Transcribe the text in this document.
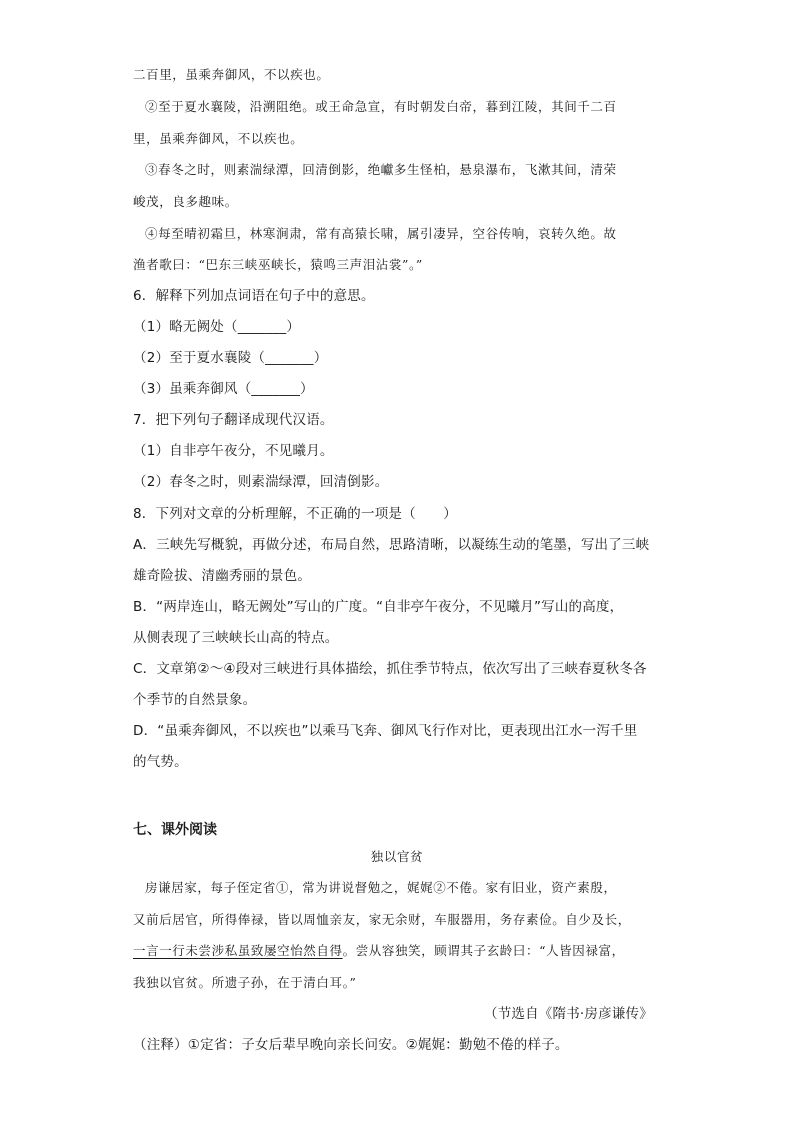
二百里，虽乘奔御风，不以疾也。
②至于夏水襄陵，沿溯阻绝。或王命急宣，有时朝发白帝，暮到江陵，其间千二百
里，虽乘奔御风，不以疾也。
③春冬之时，则素湍绿潭，回清倒影，绝巘多生怪柏，悬泉瀑布，飞漱其间，清荣
峻茂，良多趣味。
④每至晴初霜旦，林寒涧肃，常有高猿长啸，属引凄异，空谷传响，哀转久绝。故
渔者歌曰：“巴东三峡巫峡长，猿鸣三声泪沾裳”。”
6．解释下列加点词语在句子中的意思。
（1）略无阙处（_______）
（2）至于夏水襄陵（_______）
（3）虽乘奔御风（_______）
7．把下列句子翻译成现代汉语。
（1）自非亭午夜分，不见曦月。
（2）春冬之时，则素湍绿潭，回清倒影。
8．下列对文章的分析理解，不正确的一项是（　　）
A．三峡先写概貌，再做分述，布局自然，思路清晰，以凝练生动的笔墨，写出了三峡
雄奇险拔、清幽秀丽的景色。
B．“两岸连山，略无阙处”写山的广度。“自非亭午夜分，不见曦月”写山的高度，
从侧表现了三峡峡长山高的特点。
C．文章第②～④段对三峡进行具体描绘，抓住季节特点，依次写出了三峡春夏秋冬各
个季节的自然景象。
D．“虽乘奔御风，不以疾也”以乘马飞奔、御风飞行作对比，更表现出江水一泻千里
的气势。
七、课外阅读
独以官贫
房谦居家，每子侄定省①，常为讲说督勉之，娓娓②不倦。家有旧业，资产素殷，
又前后居官，所得俸禄，皆以周恤亲友，家无余财，车服器用，务存素俭。自少及长，
一言一行未尝涉私虽致屡空怡然自得。尝从容独笑，顾谓其子玄龄曰：“人皆因禄富，
我独以官贫。所遗子孙，在于清白耳。”
（节选自《隋书·房彦谦传》
（注释）①定省：子女后辈早晚向亲长问安。②娓娓：勤勉不倦的样子。
